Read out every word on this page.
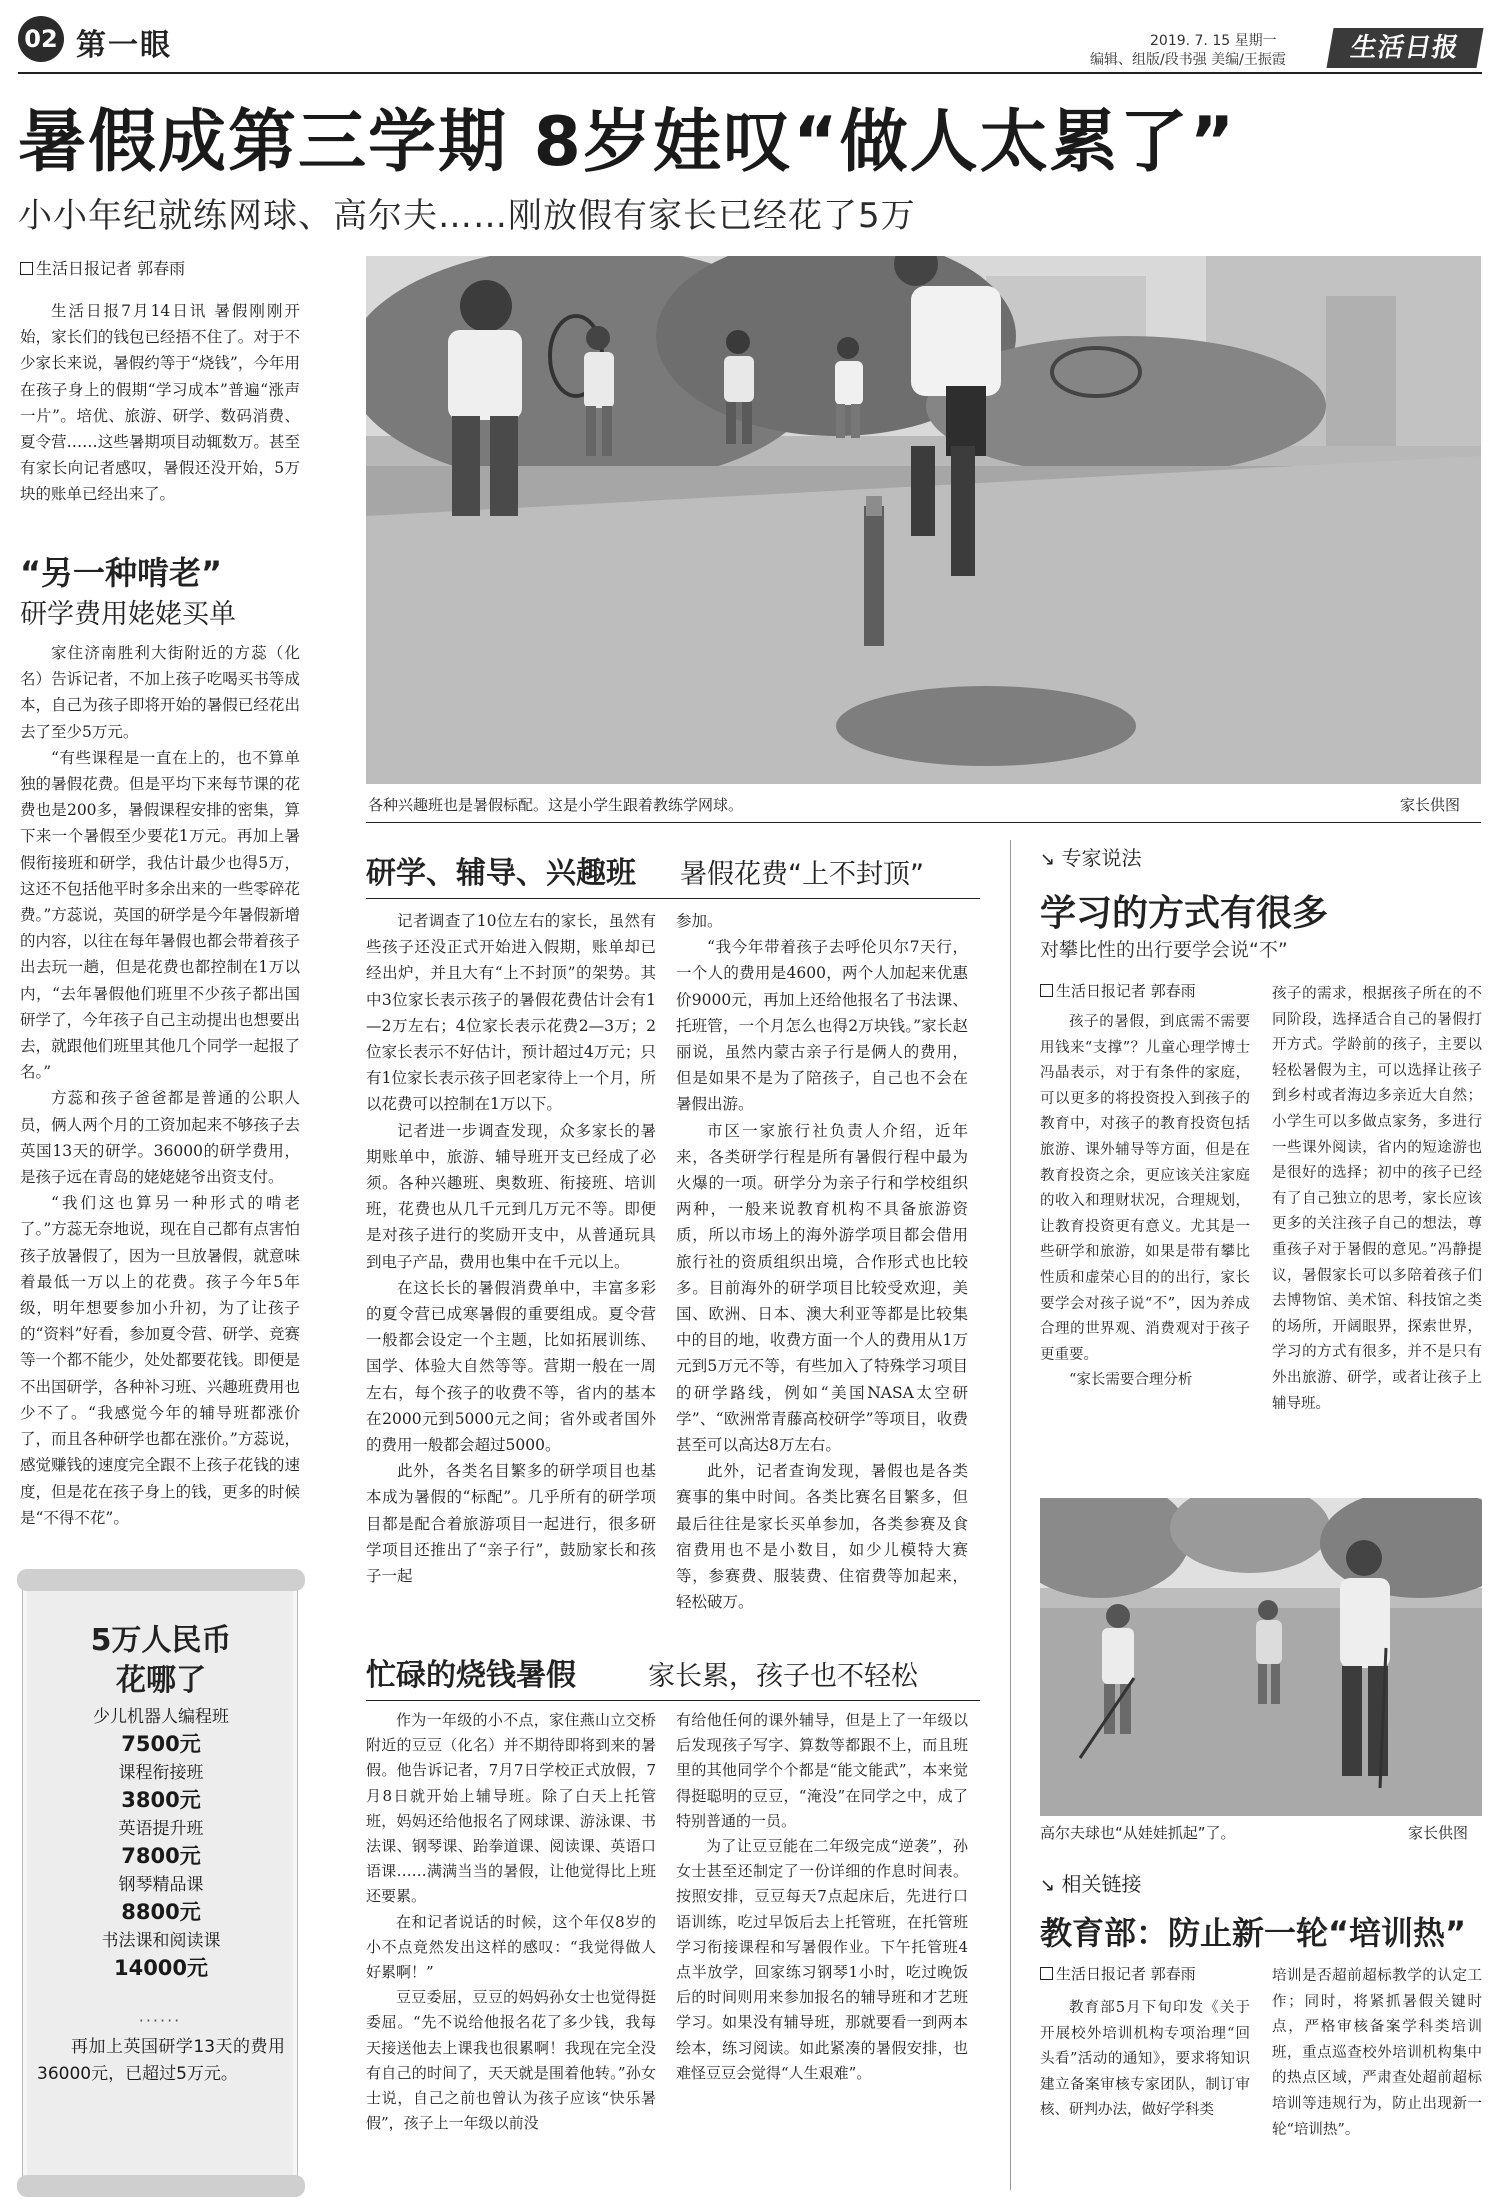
02 第一眼	2019. 7. 15 星期一
编辑、组版/段书强 美编/王振霞	生活日报
暑假成第三学期 8岁娃叹“做人太累了”
小小年纪就练网球、高尔夫……刚放假有家长已经花了5万
生活日报记者 郭春雨
生活日报7月14日讯 暑假刚刚开始，家长们的钱包已经捂不住了。对于不少家长来说，暑假约等于“烧钱”，今年用在孩子身上的假期“学习成本”普遍“涨声一片”。培优、旅游、研学、数码消费、夏令营……这些暑期项目动辄数万。甚至有家长向记者感叹，暑假还没开始，5万块的账单已经出来了。
“另一种啃老”
研学费用姥姥买单

家住济南胜利大街附近的方蕊（化名）告诉记者，不加上孩子吃喝买书等成本，自己为孩子即将开始的暑假已经花出去了至少5万元。

“有些课程是一直在上的，也不算单独的暑假花费。但是平均下来每节课的花费也是200多，暑假课程安排的密集，算下来一个暑假至少要花1万元。再加上暑假衔接班和研学，我估计最少也得5万，这还不包括他平时多余出来的一些零碎花费。”方蕊说，英国的研学是今年暑假新增的内容，以往在每年暑假也都会带着孩子出去玩一趟，但是花费也都控制在1万以内，“去年暑假他们班里不少孩子都出国研学了，今年孩子自己主动提出也想要出去，就跟他们班里其他几个同学一起报了名。”

方蕊和孩子爸爸都是普通的公职人员，俩人两个月的工资加起来不够孩子去英国13天的研学。36000的研学费用，是孩子远在青岛的姥姥姥爷出资支付。

“我们这也算另一种形式的啃老了。”方蕊无奈地说，现在自己都有点害怕孩子放暑假了，因为一旦放暑假，就意味着最低一万以上的花费。孩子今年5年级，明年想要参加小升初，为了让孩子的“资料”好看，参加夏令营、研学、竞赛等一个都不能少，处处都要花钱。即便是不出国研学，各种补习班、兴趣班费用也少不了。“我感觉今年的辅导班都涨价了，而且各种研学也都在涨价。”方蕊说，感觉赚钱的速度完全跟不上孩子花钱的速度，但是花在孩子身上的钱，更多的时候是“不得不花”。

5万人民币
花哪了
少儿机器人编程班
7500元
课程衔接班
3800元
英语提升班
7800元
钢琴精品课
8800元
书法课和阅读课
14000元
······
再加上英国研学13天的费用36000元，已超过5万元。
各种兴趣班也是暑假标配。这是小学生跟着教练学网球。	家长供图
研学、辅导、兴趣班 暑假花费“上不封顶”

记者调查了10位左右的家长，虽然有些孩子还没正式开始进入假期，账单却已经出炉，并且大有“上不封顶”的架势。其中3位家长表示孩子的暑假花费估计会有1—2万左右；4位家长表示花费2—3万；2位家长表示不好估计，预计超过4万元；只有1位家长表示孩子回老家待上一个月，所以花费可以控制在1万以下。

记者进一步调查发现，众多家长的暑期账单中，旅游、辅导班开支已经成了必须。各种兴趣班、奥数班、衔接班、培训班，花费也从几千元到几万元不等。即便是对孩子进行的奖励开支中，从普通玩具到电子产品，费用也集中在千元以上。

在这长长的暑假消费单中，丰富多彩的夏令营已成寒暑假的重要组成。夏令营一般都会设定一个主题，比如拓展训练、国学、体验大自然等等。营期一般在一周左右，每个孩子的收费不等，省内的基本在2000元到5000元之间；省外或者国外的费用一般都会超过5000。

此外，各类名目繁多的研学项目也基本成为暑假的“标配”。几乎所有的研学项目都是配合着旅游项目一起进行，很多研学项目还推出了“亲子行”，鼓励家长和孩子一起

参加。

“我今年带着孩子去呼伦贝尔7天行，一个人的费用是4600，两个人加起来优惠价9000元，再加上还给他报名了书法课、托班管，一个月怎么也得2万块钱。”家长赵丽说，虽然内蒙古亲子行是俩人的费用，但是如果不是为了陪孩子，自己也不会在暑假出游。

市区一家旅行社负责人介绍，近年来，各类研学行程是所有暑假行程中最为火爆的一项。研学分为亲子行和学校组织两种，一般来说教育机构不具备旅游资质，所以市场上的海外游学项目都会借用旅行社的资质组织出境，合作形式也比较多。目前海外的研学项目比较受欢迎，美国、欧洲、日本、澳大利亚等都是比较集中的目的地，收费方面一个人的费用从1万元到5万元不等，有些加入了特殊学习项目的研学路线，例如“美国NASA太空研学”、“欧洲常青藤高校研学”等项目，收费甚至可以高达8万左右。

此外，记者查询发现，暑假也是各类赛事的集中时间。各类比赛名目繁多，但最后往往是家长买单参加，各类参赛及食宿费用也不是小数目，如少儿模特大赛等，参赛费、服装费、住宿费等加起来，轻松破万。

忙碌的烧钱暑假	家长累，孩子也不轻松

作为一年级的小不点，家住燕山立交桥附近的豆豆（化名）并不期待即将到来的暑假。他告诉记者，7月7日学校正式放假，7月8日就开始上辅导班。除了白天上托管班，妈妈还给他报名了网球课、游泳课、书法课、钢琴课、跆拳道课、阅读课、英语口语课……满满当当的暑假，让他觉得比上班还要累。

在和记者说话的时候，这个年仅8岁的小不点竟然发出这样的感叹：“我觉得做人好累啊！”

豆豆委屈，豆豆的妈妈孙女士也觉得挺委屈。“先不说给他报名花了多少钱，我每天接送他去上课我也很累啊！我现在完全没有自己的时间了，天天就是围着他转。”孙女士说，自己之前也曾认为孩子应该“快乐暑假”，孩子上一年级以前没

有给他任何的课外辅导，但是上了一年级以后发现孩子写字、算数等都跟不上，而且班里的其他同学个个都是“能文能武”，本来觉得挺聪明的豆豆，“淹没”在同学之中，成了特别普通的一员。

为了让豆豆能在二年级完成“逆袭”，孙女士甚至还制定了一份详细的作息时间表。按照安排，豆豆每天7点起床后，先进行口语训练，吃过早饭后去上托管班，在托管班学习衔接课程和写暑假作业。下午托管班4点半放学，回家练习钢琴1小时，吃过晚饭后的时间则用来参加报名的辅导班和才艺班学习。如果没有辅导班，那就要看一到两本绘本，练习阅读。如此紧凑的暑假安排，也难怪豆豆会觉得“人生艰难”。

↘ 专家说法
学习的方式有很多
对攀比性的出行要学会说“不”
生活日报记者 郭春雨

孩子的暑假，到底需不需要用钱来“支撑”？儿童心理学博士冯晶表示，对于有条件的家庭，可以更多的将投资投入到孩子的教育中，对孩子的教育投资包括旅游、课外辅导等方面，但是在教育投资之余，更应该关注家庭的收入和理财状况，合理规划，让教育投资更有意义。尤其是一些研学和旅游，如果是带有攀比性质和虚荣心目的的出行，家长要学会对孩子说“不”，因为养成合理的世界观、消费观对于孩子更重要。

“家长需要合理分析

孩子的需求，根据孩子所在的不同阶段，选择适合自己的暑假打开方式。学龄前的孩子，主要以轻松暑假为主，可以选择让孩子到乡村或者海边多亲近大自然；小学生可以多做点家务，多进行一些课外阅读，省内的短途游也是很好的选择；初中的孩子已经有了自己独立的思考，家长应该更多的关注孩子自己的想法，尊重孩子对于暑假的意见。”冯静提议，暑假家长可以多陪着孩子们去博物馆、美术馆、科技馆之类的场所，开阔眼界，探索世界，学习的方式有很多，并不是只有外出旅游、研学，或者让孩子上辅导班。

高尔夫球也“从娃娃抓起”了。	家长供图
↘ 相关链接
教育部：防止新一轮“培训热”
生活日报记者 郭春雨
教育部5月下旬印发《关于开展校外培训机构专项治理“回头看”活动的通知》，要求将知识建立备案审核专家团队，制订审核、研判办法，做好学科类
培训是否超前超标教学的认定工作；同时，将紧抓暑假关键时点，严格审核备案学科类培训班，重点巡查校外培训机构集中的热点区域，严肃查处超前超标培训等违规行为，防止出现新一轮“培训热”。
